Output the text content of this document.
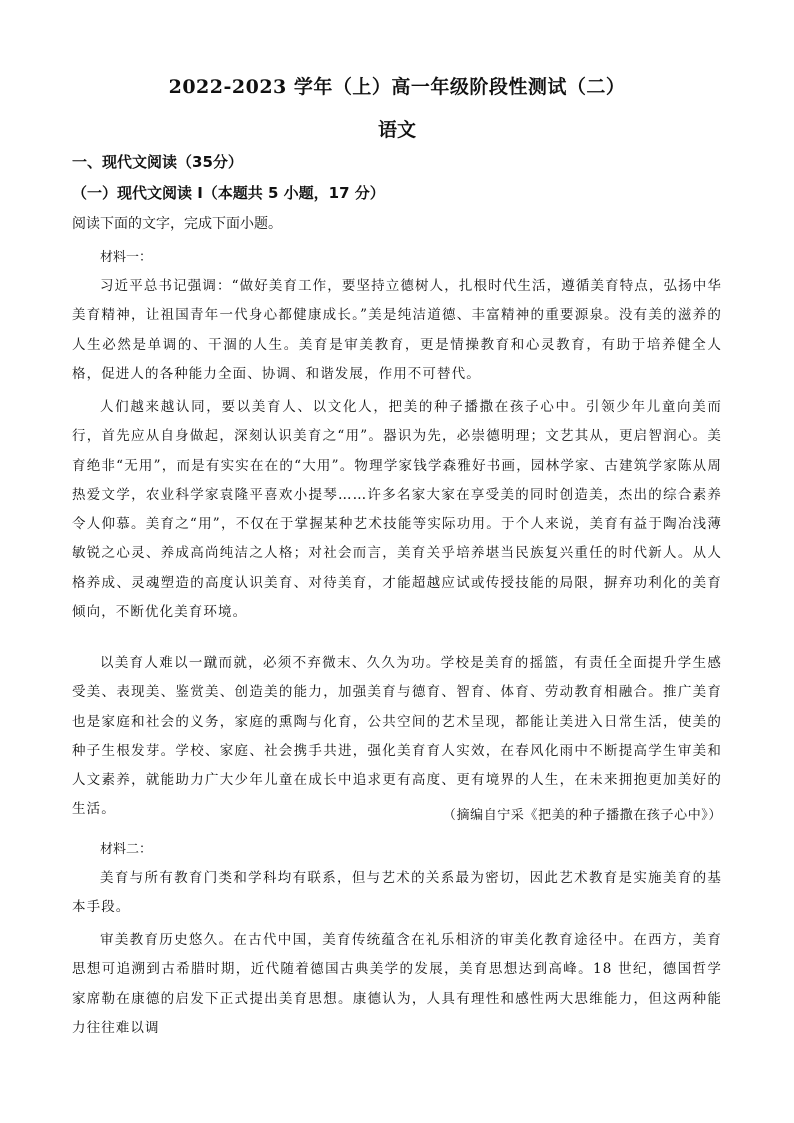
2022-2023 学年（上）高一年级阶段性测试（二）
语文
一、现代文阅读（35分）
（一）现代文阅读 I（本题共 5 小题，17 分）
阅读下面的文字，完成下面小题。
材料一：

习近平总书记强调：“做好美育工作，要坚持立德树人，扎根时代生活，遵循美育特点，弘扬中华美育精神，让祖国青年一代身心都健康成长。”美是纯洁道德、丰富精神的重要源泉。没有美的滋养的人生必然是单调的、干涸的人生。美育是审美教育，更是情操教育和心灵教育，有助于培养健全人格，促进人的各种能力全面、协调、和谐发展，作用不可替代。

人们越来越认同，要以美育人、以文化人，把美的种子播撒在孩子心中。引领少年儿童向美而行，首先应从自身做起，深刻认识美育之“用”。器识为先，必崇德明理；文艺其从，更启智润心。美育绝非“无用”，而是有实实在在的“大用”。物理学家钱学森雅好书画，园林学家、古建筑学家陈从周热爱文学，农业科学家袁隆平喜欢小提琴……许多名家大家在享受美的同时创造美，杰出的综合素养令人仰慕。美育之“用”，不仅在于掌握某种艺术技能等实际功用。于个人来说，美育有益于陶冶浅薄敏锐之心灵、养成高尚纯洁之人格；对社会而言，美育关乎培养堪当民族复兴重任的时代新人。从人格养成、灵魂塑造的高度认识美育、对待美育，才能超越应试或传授技能的局限，摒弃功利化的美育倾向，不断优化美育环境。

以美育人难以一蹴而就，必须不弃微末、久久为功。学校是美育的摇篮，有责任全面提升学生感受美、表现美、鉴赏美、创造美的能力，加强美育与德育、智育、体育、劳动教育相融合。推广美育也是家庭和社会的义务，家庭的熏陶与化育，公共空间的艺术呈现，都能让美进入日常生活，使美的种子生根发芽。学校、家庭、社会携手共进，强化美育育人实效，在春风化雨中不断提高学生审美和人文素养，就能助力广大少年儿童在成长中追求更有高度、更有境界的人生，在未来拥抱更加美好的生活。	（摘编自宁采《把美的种子播撒在孩子心中》）
材料二：

美育与所有教育门类和学科均有联系，但与艺术的关系最为密切，因此艺术教育是实施美育的基本手段。

审美教育历史悠久。在古代中国，美育传统蕴含在礼乐相济的审美化教育途径中。在西方，美育思想可追溯到古希腊时期，近代随着德国古典美学的发展，美育思想达到高峰。18 世纪，德国哲学家席勒在康德的启发下正式提出美育思想。康德认为，人具有理性和感性两大思维能力，但这两种能力往往难以调
